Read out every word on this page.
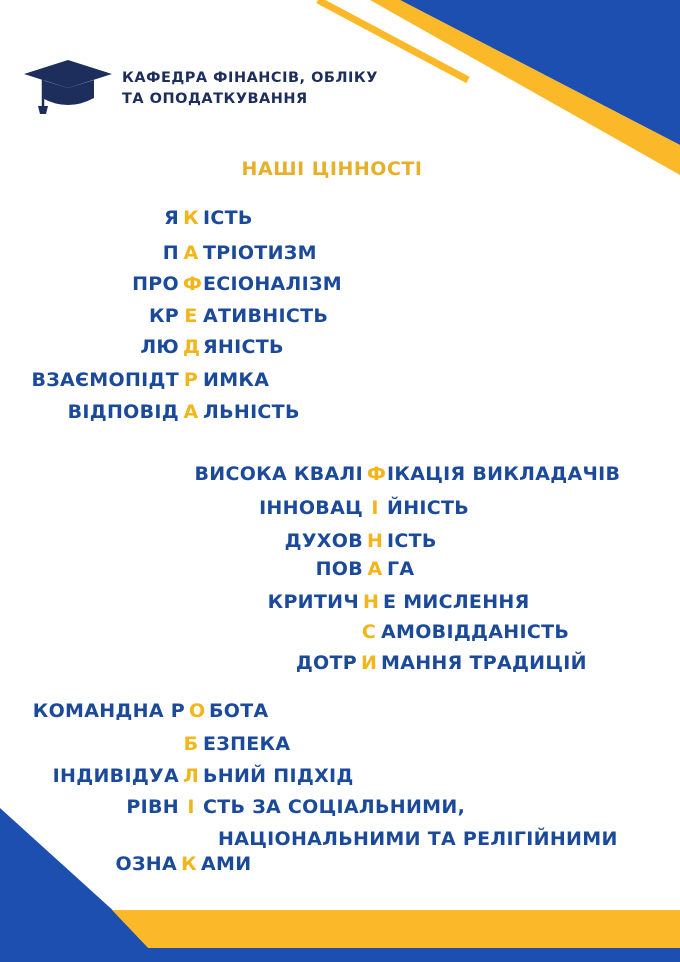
КАФЕДРА ФІНАНСІВ, ОБЛІКУ
ТА ОПОДАТКУВАННЯ
НАШІ ЦІННОСТІ
Я К ІСТЬ
П А ТРІОТИЗМ
ПРО Ф ЕСІОНАЛІЗМ
КР Е АТИВНІСТЬ
ЛЮ Д ЯНІСТЬ
ВЗАЄМОПІДТ Р ИМКА
ВІДПОВІД А ЛЬНІСТЬ
ВИСОКА КВАЛІ Ф ІКАЦІЯ ВИКЛАДАЧІВ
ІННОВАЦ І ЙНІСТЬ
ДУХОВ Н ІСТЬ
ПОВ А ГА
КРИТИЧ Н Е МИСЛЕННЯ
С АМОВІДДАНІСТЬ
ДОТР И МАННЯ ТРАДИЦІЙ
КОМАНДНА Р О БОТА
Б ЕЗПЕКА
ІНДИВІДУА Л ЬНИЙ ПІДХІД
РІВН І СТЬ ЗА СОЦІАЛЬНИМИ,
НАЦІОНАЛЬНИМИ ТА РЕЛІГІЙНИМИ
ОЗНА К АМИ
